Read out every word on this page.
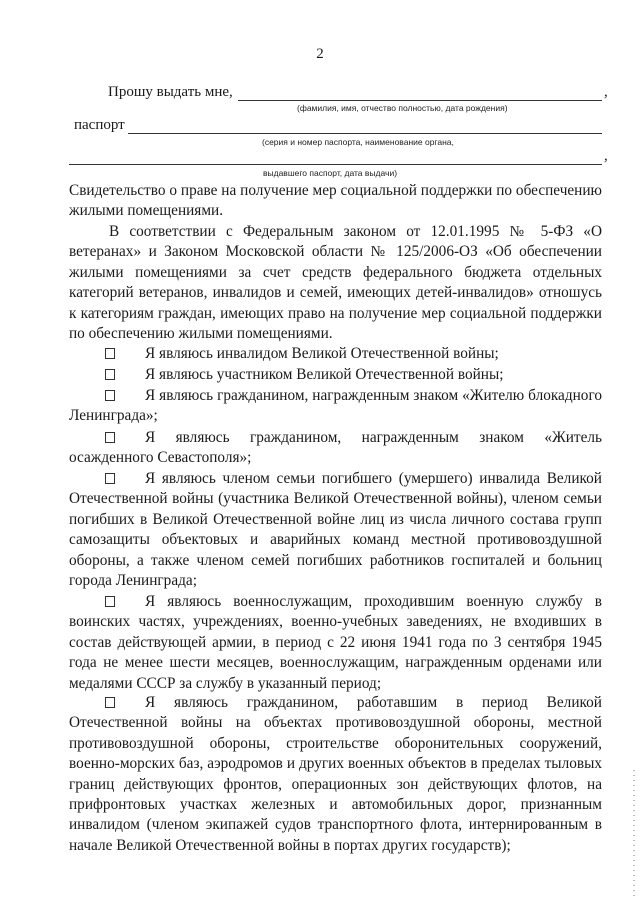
2
Прошу выдать мне,	,
(фамилия, имя, отчество полностью, дата рождения)
паспорт
(серия и номер паспорта, наименование органа,
,
выдавшего паспорт, дата выдачи)
Свидетельство о праве на получение мер социальной поддержки по обеспечению жилыми помещениями.
В соответствии с Федеральным законом от 12.01.1995 № 5-ФЗ «О ветеранах» и Законом Московской области № 125/2006-ОЗ «Об обеспечении жилыми помещениями за счет средств федерального бюджета отдельных категорий ветеранов, инвалидов и семей, имеющих детей-инвалидов» отношусь к категориям граждан, имеющих право на получение мер социальной поддержки по обеспечению жилыми помещениями.
Я являюсь инвалидом Великой Отечественной войны;
Я являюсь участником Великой Отечественной войны;
Я являюсь гражданином, награжденным знаком «Жителю блокадного Ленинграда»;
Я являюсь гражданином, награжденным знаком «Житель осажденного Севастополя»;
Я являюсь членом семьи погибшего (умершего) инвалида Великой Отечественной войны (участника Великой Отечественной войны), членом семьи погибших в Великой Отечественной войне лиц из числа личного состава групп самозащиты объектовых и аварийных команд местной противовоздушной обороны, а также членом семей погибших работников госпиталей и больниц города Ленинграда;
Я являюсь военнослужащим, проходившим военную службу в воинских частях, учреждениях, военно-учебных заведениях, не входивших в состав действующей армии, в период с 22 июня 1941 года по 3 сентября 1945 года не менее шести месяцев, военнослужащим, награжденным орденами или медалями СССР за службу в указанный период;
Я являюсь гражданином, работавшим в период Великой Отечественной войны на объектах противовоздушной обороны, местной противовоздушной обороны, строительстве оборонительных сооружений, военно-морских баз, аэродромов и других военных объектов в пределах тыловых границ действующих фронтов, операционных зон действующих флотов, на прифронтовых участках железных и автомобильных дорог, признанным инвалидом (членом экипажей судов транспортного флота, интернированным в начале Великой Отечественной войны в портах других государств);
